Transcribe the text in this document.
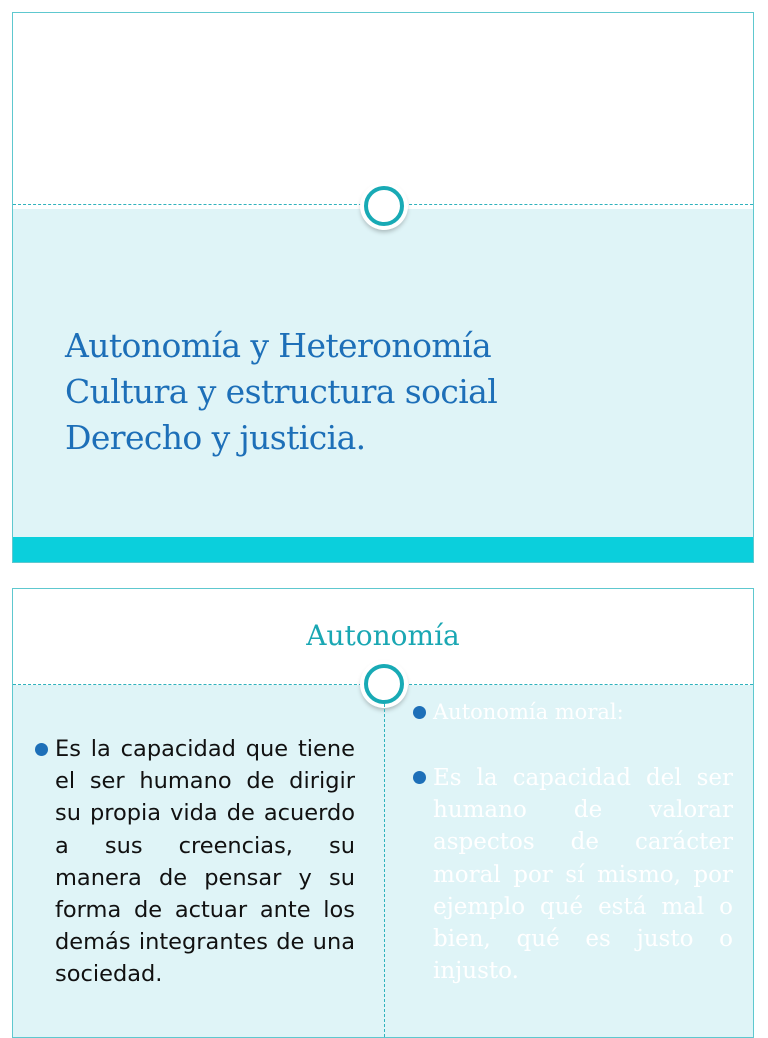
Autonomía y Heteronomía
Cultura y estructura social
Derecho y justicia.
Autonomía
Es la capacidad que tiene el ser humano de dirigir su propia vida de acuerdo a sus creencias, su manera de pensar y su forma de actuar ante los demás integrantes de una sociedad.
Autonomía moral:
Es la capacidad del ser humano de valorar aspectos de carácter moral por sí mismo, por ejemplo qué está mal o bien, qué es justo o injusto.
